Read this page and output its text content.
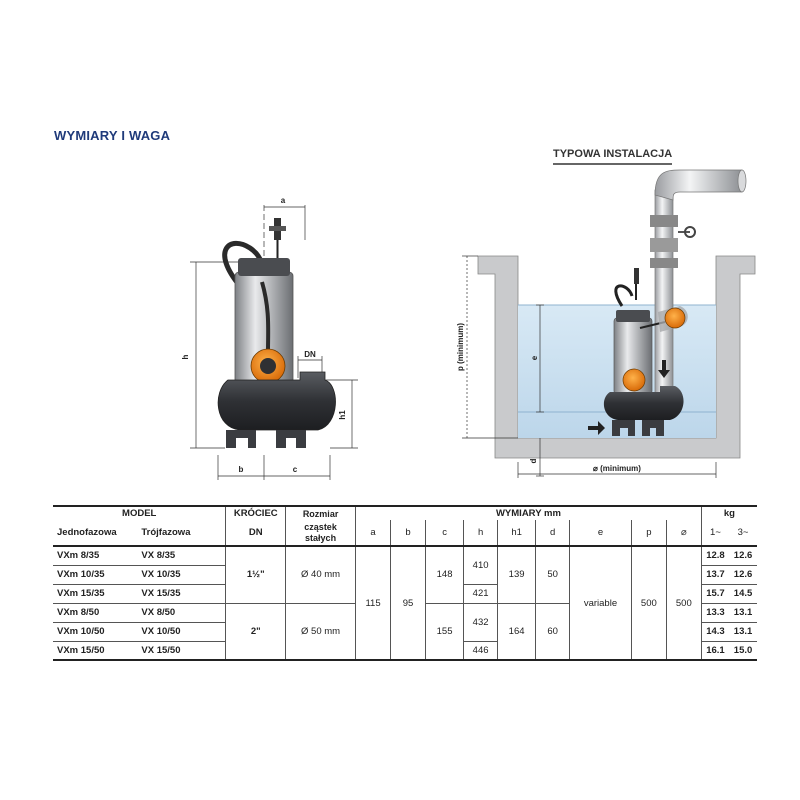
WYMIARY I WAGA
TYPOWA INSTALACJA
a
h	DN
h1
b	c
p (minimum)	e
d
⌀ (minimum)
MODEL		KRÓCIEC	Rozmiar	WYMIARY mm									kg	
Jednofazowa	Trójfazowa	DN	cząstek
stałych	a	b	c	h	h1	d	e	p	⌀	1~	3~
VXm 8/35	VX 8/35	1½"	Ø 40 mm	115	95	148	410	139	50	variable	500	500	12.8	12.6
VXm 10/35	VX 10/35												13.7	12.6
VXm 15/35	VX 15/35						421						15.7	14.5
VXm 8/50	VX 8/50	2"	Ø 50 mm			155	432	164	60				13.3	13.1
VXm 10/50	VX 10/50												14.3	13.1
VXm 15/50	VX 15/50						446						16.1	15.0
